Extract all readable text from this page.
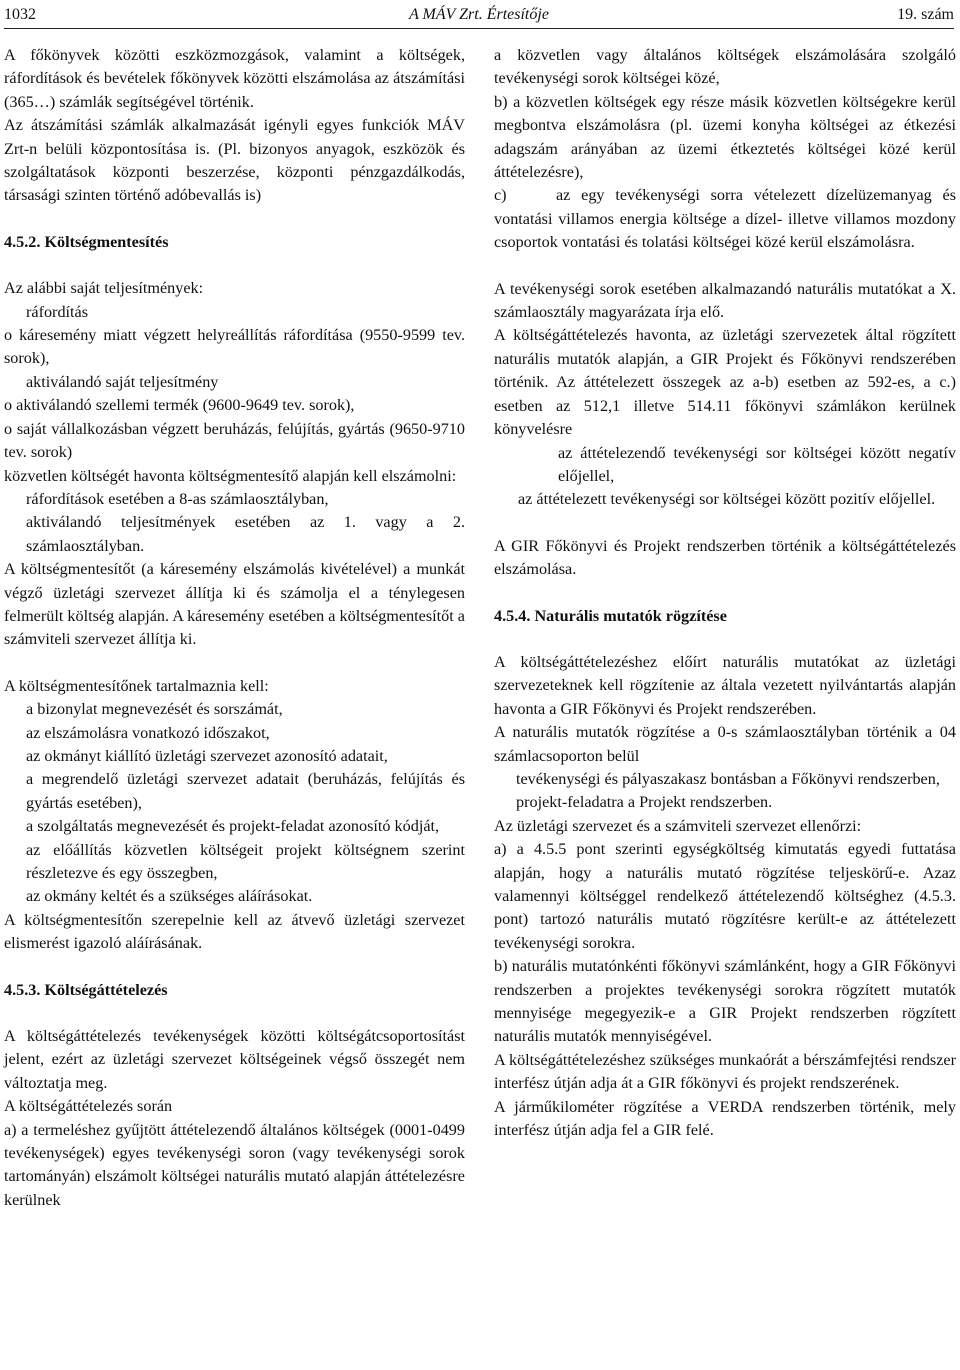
1032	A MÁV Zrt. Értesítője	19. szám

A főkönyvek közötti eszközmozgások, valamint a költségek, ráfordítások és bevételek főkönyvek közötti elszámolása az átszámítási (365…) számlák segítségével történik.

Az átszámítási számlák alkalmazását igényli egyes funkciók MÁV Zrt-n belüli központosítása is. (Pl. bizonyos anyagok, eszközök és szolgáltatások központi beszerzése, központi pénzgazdálkodás, társasági szinten történő adóbevallás is)

4.5.2. Költségmentesítés

Az alábbi saját teljesítmények:

ráfordítás

o káresemény miatt végzett helyreállítás ráfordítása (9550-9599 tev. sorok),

aktiválandó saját teljesítmény

o aktiválandó szellemi termék (9600-9649 tev. sorok),

o saját vállalkozásban végzett beruházás, felújítás, gyártás (9650-9710 tev. sorok)

közvetlen költségét havonta költségmentesítő alapján kell elszámolni:

ráfordítások esetében a 8-as számlaosztályban,

aktiválandó teljesítmények esetében az 1. vagy a 2. számlaosztályban.

A költségmentesítőt (a káresemény elszámolás kivételével) a munkát végző üzletági szervezet állítja ki és számolja el a ténylegesen felmerült költség alapján. A káresemény esetében a költségmentesítőt a számviteli szervezet állítja ki.

A költségmentesítőnek tartalmaznia kell:

a bizonylat megnevezését és sorszámát,

az elszámolásra vonatkozó időszakot,

az okmányt kiállító üzletági szervezet azonosító adatait,

a megrendelő üzletági szervezet adatait (beruházás, felújítás és gyártás esetében),

a szolgáltatás megnevezését és projekt-feladat azonosító kódját,

az előállítás közvetlen költségeit projekt költségnem szerint részletezve és egy összegben,

az okmány keltét és a szükséges aláírásokat.

A költségmentesítőn szerepelnie kell az átvevő üzletági szervezet elismerést igazoló aláírásának.

4.5.3. Költségáttételezés

A költségáttételezés tevékenységek közötti költségátcsoportosítást jelent, ezért az üzletági szervezet költségeinek végső összegét nem változtatja meg.

A költségáttételezés során

a) a termeléshez gyűjtött áttételezendő általános költségek (0001-0499 tevékenységek) egyes tevékenységi soron (vagy tevékenységi sorok tartományán) elszámolt költségei naturális mutató alapján áttételezésre kerülnek

a közvetlen vagy általános költségek elszámolására szolgáló tevékenységi sorok költségei közé,

b) a közvetlen költségek egy része másik közvetlen költségekre kerül megbontva elszámolásra (pl. üzemi konyha költségei az étkezési adagszám arányában az üzemi étkeztetés költségei közé kerül áttételezésre),

c)	az egy tevékenységi sorra vételezett dízelüzemanyag és vontatási villamos energia költsége a dízel- illetve villamos mozdony csoportok vontatási és tolatási költségei közé kerül elszámolásra.

A tevékenységi sorok esetében alkalmazandó naturális mutatókat a X. számlaosztály magyarázata írja elő.

A költségáttételezés havonta, az üzletági szervezetek által rögzített naturális mutatók alapján, a GIR Projekt és Főkönyvi rendszerében történik. Az áttételezett összegek az a-b) esetben az 592-es, a c.) esetben az 512,1 illetve 514.11 főkönyvi számlákon kerülnek könyvelésre

az áttételezendő tevékenységi sor költségei között negatív előjellel,

az áttételezett tevékenységi sor költségei között pozitív előjellel.

A GIR Főkönyvi és Projekt rendszerben történik a költségáttételezés elszámolása.

4.5.4. Naturális mutatók rögzítése

A költségáttételezéshez előírt naturális mutatókat az üzletági szervezeteknek kell rögzítenie az általa vezetett nyilvántartás alapján havonta a GIR Főkönyvi és Projekt rendszerében.

A naturális mutatók rögzítése a 0-s számlaosztályban történik a 04 számlacsoporton belül

tevékenységi és pályaszakasz bontásban a Főkönyvi rendszerben,

projekt-feladatra a Projekt rendszerben.

Az üzletági szervezet és a számviteli szervezet ellenőrzi:

a) a 4.5.5 pont szerinti egységköltség kimutatás egyedi futtatása alapján, hogy a naturális mutató rögzítése teljeskörű-e. Azaz valamennyi költséggel rendelkező áttételezendő költséghez (4.5.3. pont) tartozó naturális mutató rögzítésre került-e az áttételezett tevékenységi sorokra.

b) naturális mutatónkénti főkönyvi számlánként, hogy a GIR Főkönyvi rendszerben a projektes tevékenységi sorokra rögzített mutatók mennyisége megegyezik-e a GIR Projekt rendszerben rögzített naturális mutatók mennyiségével.

A költségáttételezéshez szükséges munkaórát a bérszámfejtési rendszer interfész útján adja át a GIR főkönyvi és projekt rendszerének.

A járműkilométer rögzítése a VERDA rendszerben történik, mely interfész útján adja fel a GIR felé.
